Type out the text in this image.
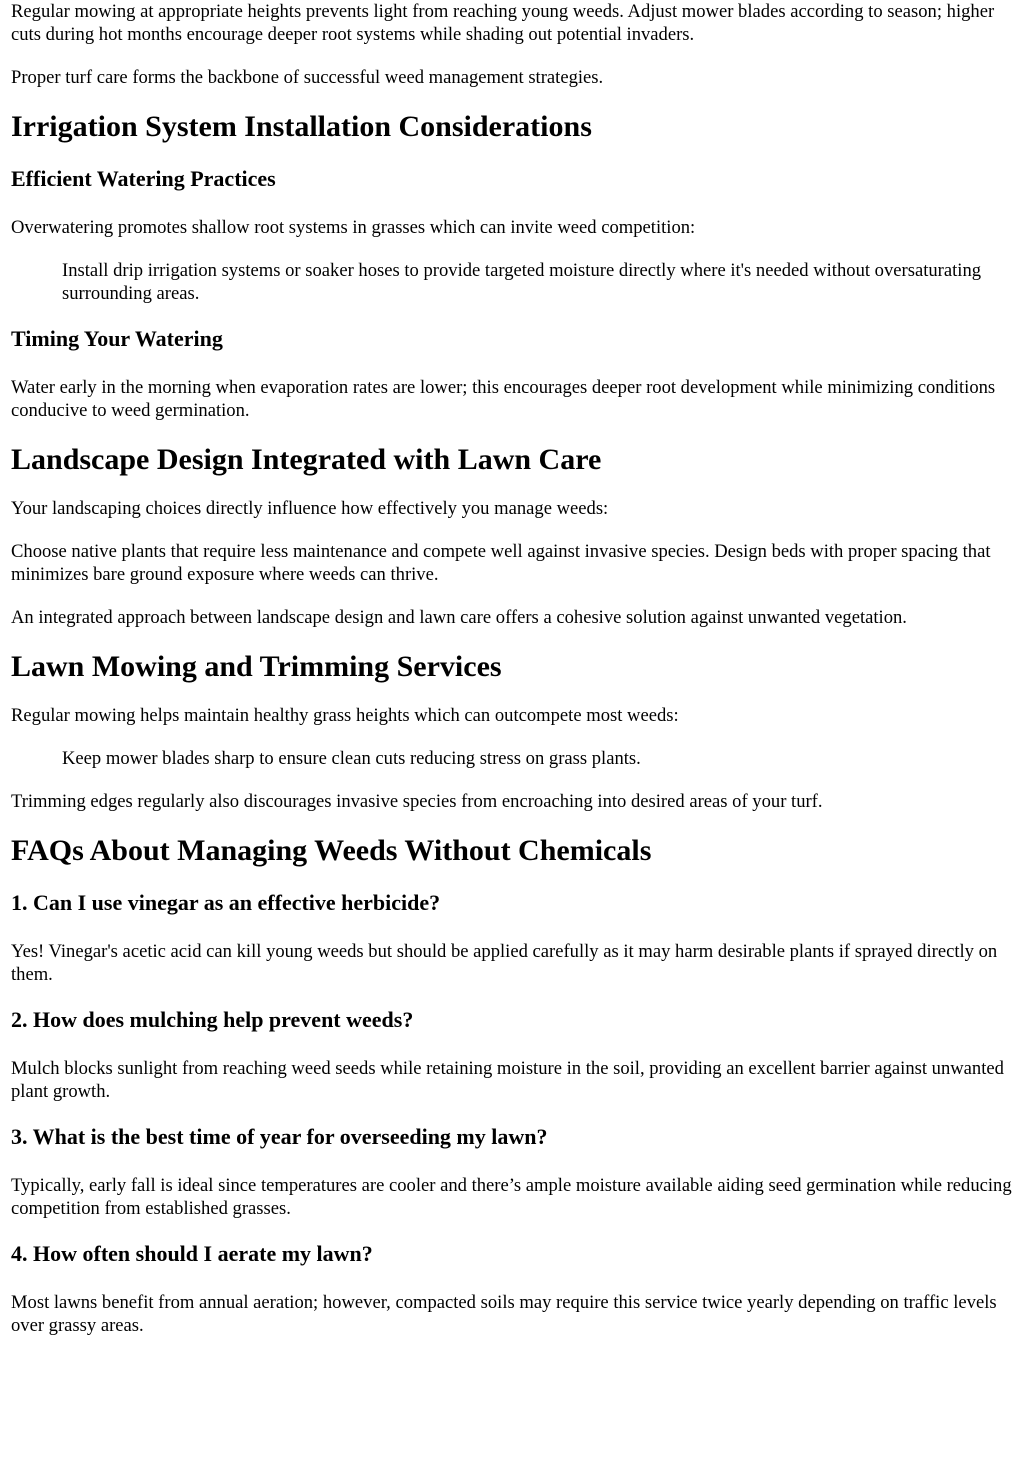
Regular mowing at appropriate heights prevents light from reaching young weeds. Adjust mower blades according to season; higher cuts during hot months encourage deeper root systems while shading out potential invaders.

Proper turf care forms the backbone of successful weed management strategies.

Irrigation System Installation Considerations
Efficient Watering Practices

Overwatering promotes shallow root systems in grasses which can invite weed competition:

Install drip irrigation systems or soaker hoses to provide targeted moisture directly where it's needed without oversaturating surrounding areas.
Timing Your Watering

Water early in the morning when evaporation rates are lower; this encourages deeper root development while minimizing conditions conducive to weed germination.

Landscape Design Integrated with Lawn Care

Your landscaping choices directly influence how effectively you manage weeds:

Choose native plants that require less maintenance and compete well against invasive species. Design beds with proper spacing that minimizes bare ground exposure where weeds can thrive.

An integrated approach between landscape design and lawn care offers a cohesive solution against unwanted vegetation.

Lawn Mowing and Trimming Services

Regular mowing helps maintain healthy grass heights which can outcompete most weeds:

Keep mower blades sharp to ensure clean cuts reducing stress on grass plants.

Trimming edges regularly also discourages invasive species from encroaching into desired areas of your turf.

FAQs About Managing Weeds Without Chemicals
1. Can I use vinegar as an effective herbicide?

Yes! Vinegar's acetic acid can kill young weeds but should be applied carefully as it may harm desirable plants if sprayed directly on them.

2. How does mulching help prevent weeds?

Mulch blocks sunlight from reaching weed seeds while retaining moisture in the soil, providing an excellent barrier against unwanted plant growth.

3. What is the best time of year for overseeding my lawn?

Typically, early fall is ideal since temperatures are cooler and there’s ample moisture available aiding seed germination while reducing competition from established grasses.

4. How often should I aerate my lawn?

Most lawns benefit from annual aeration; however, compacted soils may require this service twice yearly depending on traffic levels over grassy areas.
